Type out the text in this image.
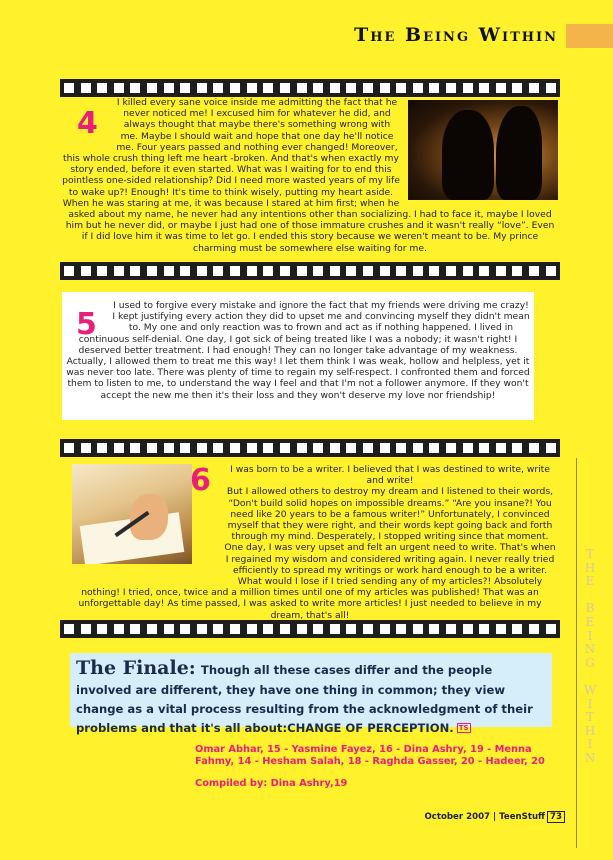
The Being Within

I killed every sane voice inside me admitting the fact that he never noticed me! I excused him for whatever he did, and always thought that maybe there's something wrong with me. Maybe I should wait and hope that one day he'll notice me. Four years passed and nothing ever changed! Moreover, this whole crush thing left me heart -broken. And that's when exactly my story ended, before it even started. What was I waiting for to end this pointless one-sided relationship? Did I need more wasted years of my life to wake up?! Enough! It's time to think wisely, putting my heart aside. When he was staring at me, it was because I stared at him first; when he asked about my name, he never had any intentions other than socializing. I had to face it, maybe I loved him but he never did, or maybe I just had one of those immature crushes and it wasn't really “love”. Even if I did love him it was time to let go. I ended this story because we weren't meant to be. My prince charming must be somewhere else waiting for me.

4

I used to forgive every mistake and ignore the fact that my friends were driving me crazy! I kept justifying every action they did to upset me and convincing myself they didn't mean to. My one and only reaction was to frown and act as if nothing happened. I lived in continuous self-denial. One day, I got sick of being treated like I was a nobody; it wasn't right! I deserved better treatment. I had enough! They can no longer take advantage of my weakness. Actually, I allowed them to treat me this way! I let them think I was weak, hollow and helpless, yet it was never too late. There was plenty of time to regain my self-respect. I confronted them and forced them to listen to me, to understand the way I feel and that I'm not a follower anymore. If they won't accept the new me then it's their loss and they won't deserve my love nor friendship!

5

I was born to be a writer. I believed that I was destined to write, write and write!

But I allowed others to destroy my dream and I listened to their words, “Don't build solid hopes on impossible dreams.” “Are you insane?! You need like 20 years to be a famous writer!” Unfortunately, I convinced myself that they were right, and their words kept going back and forth through my mind. Desperately, I stopped writing since that moment. One day, I was very upset and felt an urgent need to write. That's when I regained my wisdom and considered writing again. I never really tried efficiently to spread my writings or work hard enough to be a writer. What would I lose if I tried sending any of my articles?! Absolutely nothing! I tried, once, twice and a million times until one of my articles was published! That was an unforgettable day! As time passed, I was asked to write more articles! I just needed to believe in my dream, that's all!

6
The Finale: Though all these cases differ and the people involved are different, they have one thing in common; they view change as a vital process resulting from the acknowledgment of their problems and that it's all about:CHANGE OF PERCEPTION. TS
Omar Abhar, 15 - Yasmine Fayez, 16 - Dina Ashry, 19 - Menna Fahmy, 14 - Hesham Salah, 18 - Raghda Gasser, 20 - Hadeer, 20
Compiled by: Dina Ashry,19
T
H
E

B
E
I
N
G

W
I
T
H
I
N
October 2007 | TeenStuff 73
